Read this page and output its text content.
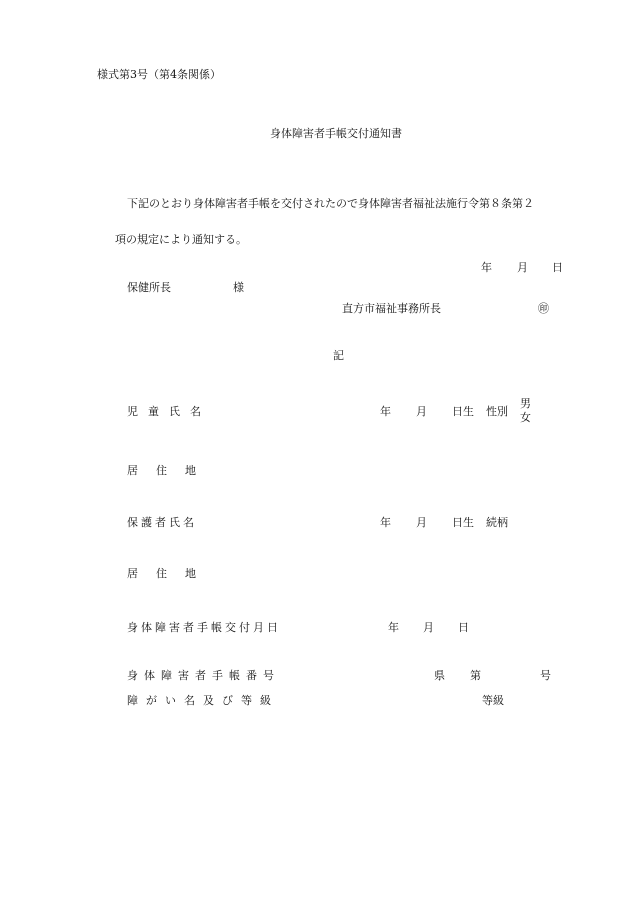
様式第3号（第4条関係）
身体障害者手帳交付通知書
下記のとおり身体障害者手帳を交付されたので身体障害者福祉法施行令第８条第２
項の規定により通知する。
年 月 日
保健所長	様
直方市福祉事務所長	㊞
記
児童氏名	年 月 日生 性別
男
女
居住地
保護者氏名	年 月 日生 続柄
居住地
身体障害者手帳交付月日	年 月 日
身体障害者手帳番号	県 第	号
障がい名及び等級	等級
